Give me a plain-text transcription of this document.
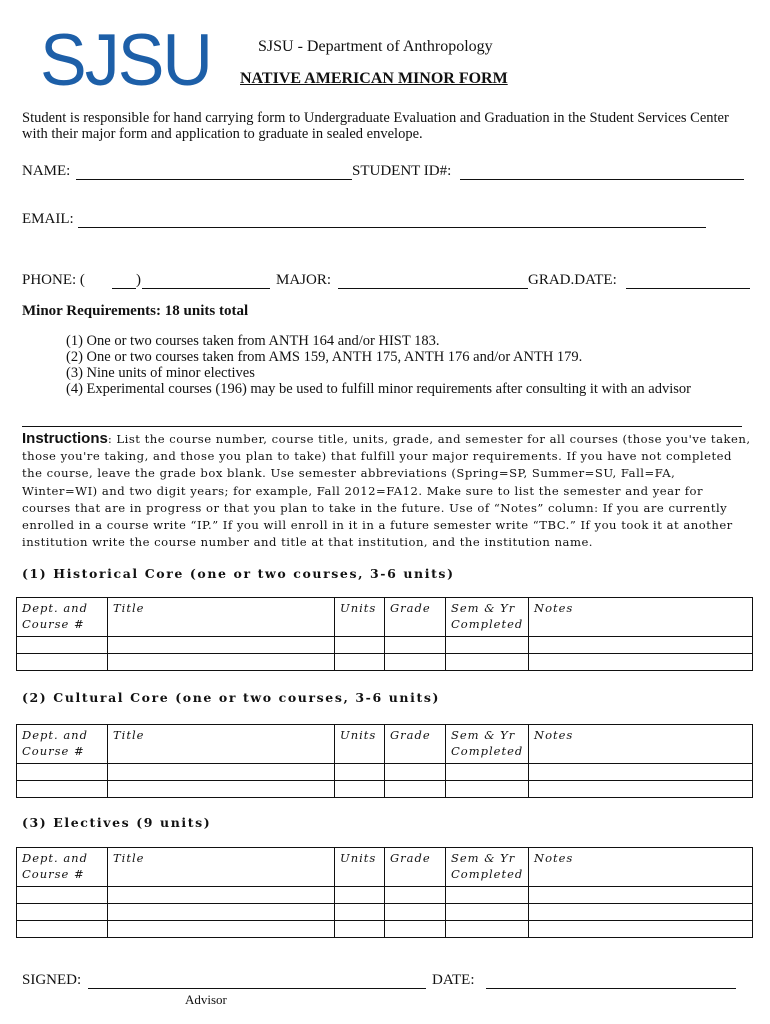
SJSU	SJSU - Department of Anthropology
NATIVE AMERICAN MINOR FORM
Student is responsible for hand carrying form to Undergraduate Evaluation and Graduation in the Student Services Center with their major form and application to graduate in sealed envelope.
NAME:	STUDENT ID#:
EMAIL:
PHONE: (	)	MAJOR:	GRAD.DATE:
Minor Requirements: 18 units total
(1) One or two courses taken from ANTH 164 and/or HIST 183.
(2) One or two courses taken from AMS 159, ANTH 175, ANTH 176 and/or ANTH 179.
(3) Nine units of minor electives
(4) Experimental courses (196) may be used to fulfill minor requirements after consulting it with an advisor
Instructions: List the course number, course title, units, grade, and semester for all courses (those you've taken, those you're taking, and those you plan to take) that fulfill your major requirements. If you have not completed the course, leave the grade box blank. Use semester abbreviations (Spring=SP, Summer=SU, Fall=FA, Winter=WI) and two digit years; for example, Fall 2012=FA12. Make sure to list the semester and year for courses that are in progress or that you plan to take in the future. Use of “Notes” column: If you are currently enrolled in a course write “IP.” If you will enroll in it in a future semester write “TBC.” If you took it at another institution write the course number and title at that institution, and the institution name.
(1) Historical Core (one or two courses, 3-6 units)
Dept. and Course #	Title	Units	Grade	Sem & Yr Completed	Notes

(2) Cultural Core (one or two courses, 3-6 units)
Dept. and Course #	Title	Units	Grade	Sem & Yr Completed	Notes

(3) Electives (9 units)
Dept. and Course #	Title	Units	Grade	Sem & Yr Completed	Notes

SIGNED:	DATE:
Advisor
